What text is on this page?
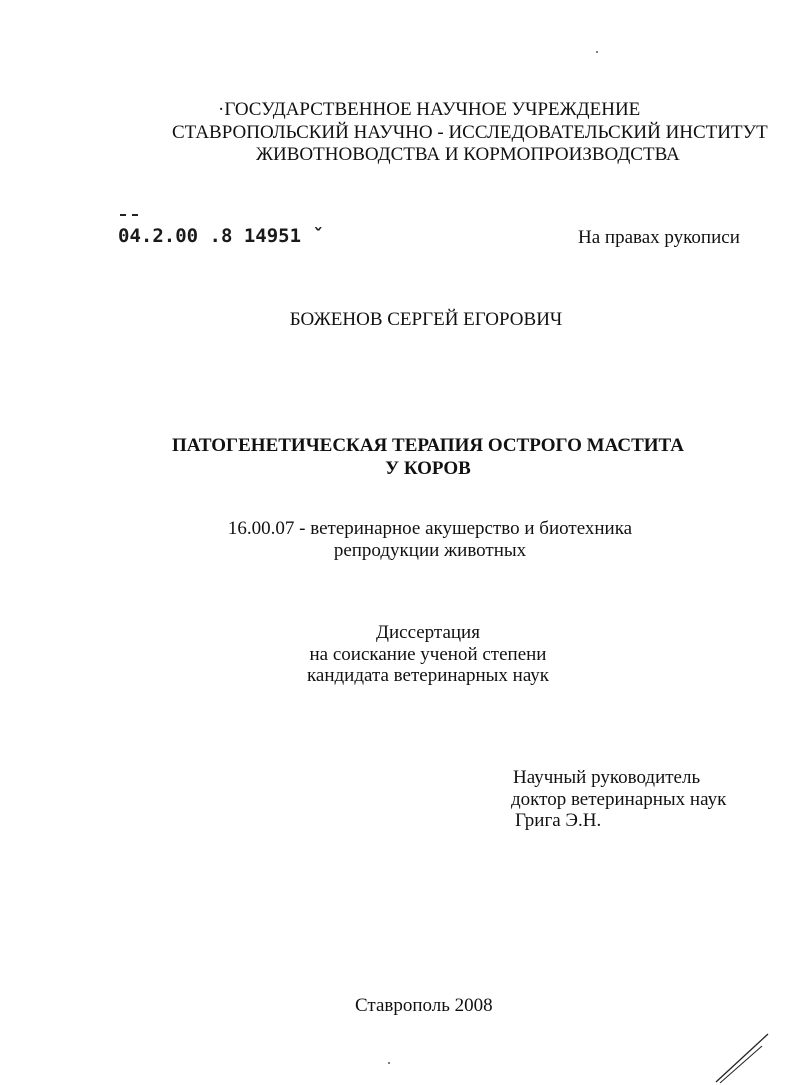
·ГОСУДАРСТВЕННОЕ НАУЧНОЕ УЧРЕЖДЕНИЕ
СТАВРОПОЛЬСКИЙ НАУЧНО - ИССЛЕДОВАТЕЛЬСКИЙ ИНСТИТУТ
ЖИВОТНОВОДСТВА И КОРМОПРОИЗВОДСТВА
04.2.00 .8 14951 ˇ	На правах рукописи
БОЖЕНОВ СЕРГЕЙ ЕГОРОВИЧ
ПАТОГЕНЕТИЧЕСКАЯ ТЕРАПИЯ ОСТРОГО МАСТИТА
У КОРОВ
16.00.07 - ветеринарное акушерство и биотехника
репродукции животных
Диссертация
на соискание ученой степени
кандидата ветеринарных наук
Научный руководитель
доктор ветеринарных наук
Грига Э.Н.
Ставрополь 2008
